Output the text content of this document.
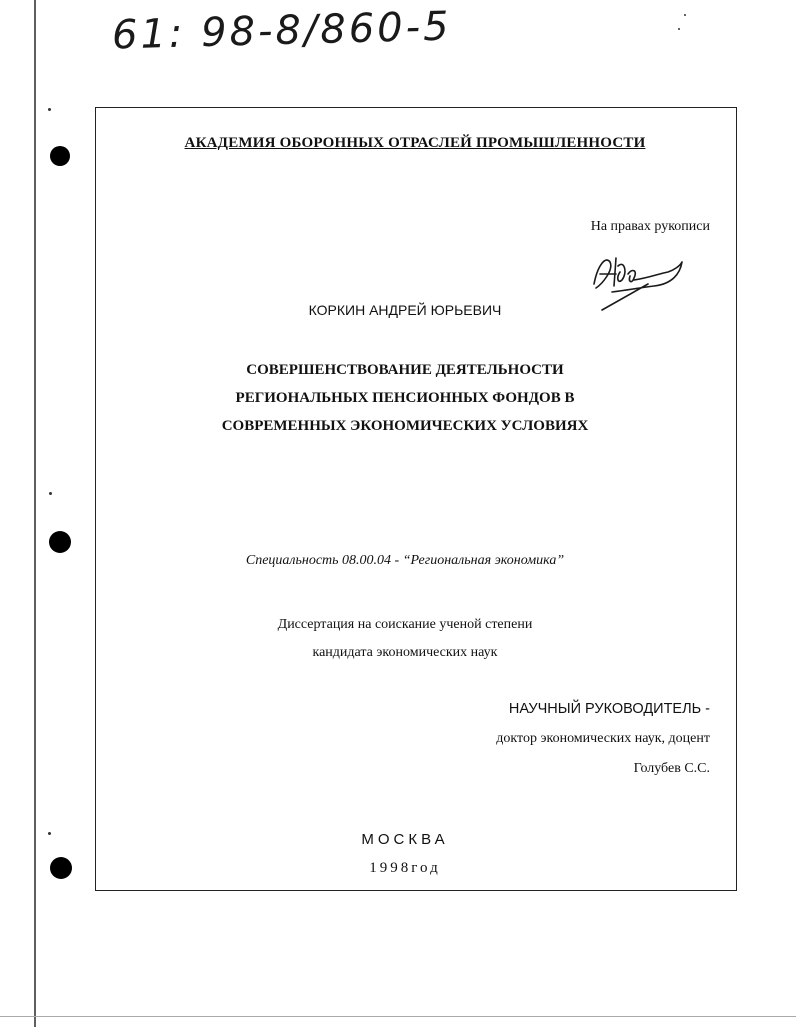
61: 98-8/860-5
АКАДЕМИЯ ОБОРОННЫХ ОТРАСЛЕЙ ПРОМЫШЛЕННОСТИ
На правах рукописи
КОРКИН АНДРЕЙ ЮРЬЕВИЧ
СОВЕРШЕНСТВОВАНИЕ ДЕЯТЕЛЬНОСТИ
РЕГИОНАЛЬНЫХ ПЕНСИОННЫХ ФОНДОВ В
СОВРЕМЕННЫХ ЭКОНОМИЧЕСКИХ УСЛОВИЯХ
Специальность 08.00.04 - “Региональная экономика”
Диссертация на соискание ученой степени
кандидата экономических наук
НАУЧНЫЙ РУКОВОДИТЕЛЬ -
доктор экономических наук, доцент
Голубев С.С.
МОСКВА
1998год
